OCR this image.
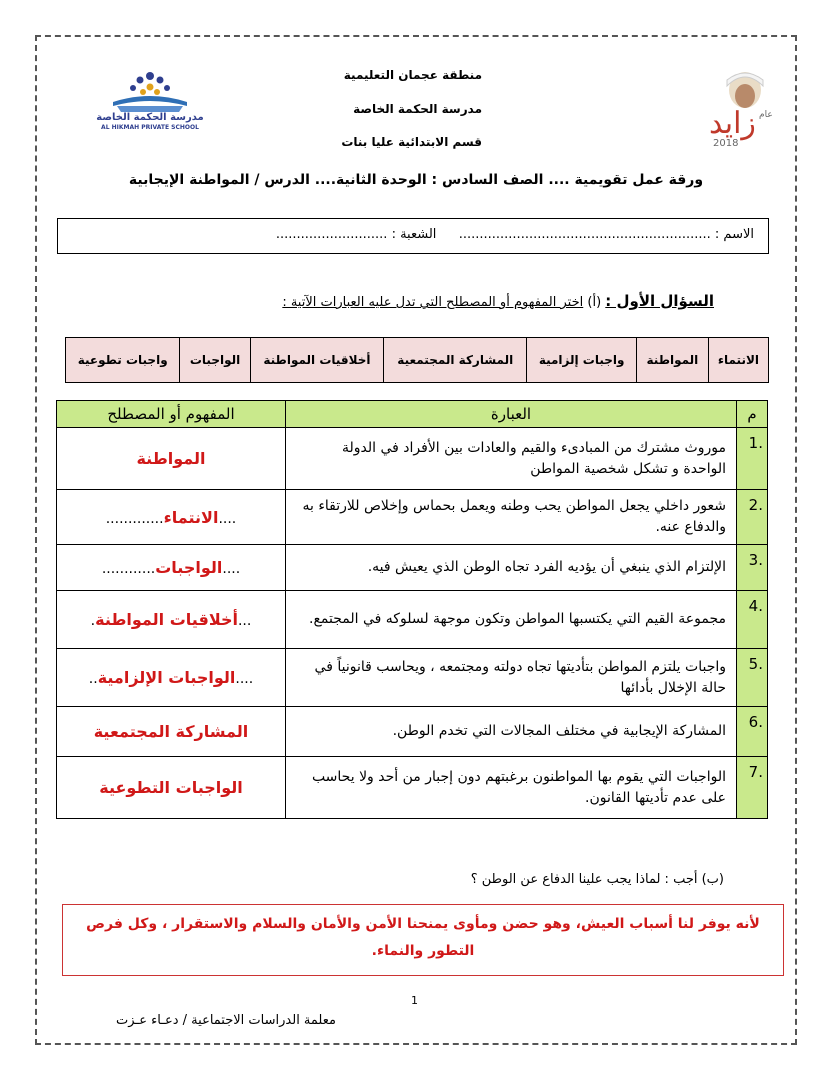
مدرسة الحكمة الخاصة
AL HIKMAH PRIVATE SCHOOL	زايد عام
2018
منطقة عجمان التعليمية
مدرسة الحكمة الخاصة
قسم الابتدائية عليا بنات
ورقة عمل تقويمية .... الصف السادس : الوحدة الثانية.... الدرس / المواطنة الإيجابية
الاسم : .............................................................  الشعبة : ...........................
السؤال الأول : (أ) اختر المفهوم أو المصطلح التي تدل عليه العبارات الآتية :
الانتماء	المواطنة	واجبات إلزامية	المشاركة المجتمعية	أخلاقيات المواطنة	الواجبات	واجبات تطوعية
م	العبارة	المفهوم أو المصطلح
.1	موروث مشترك من المبادىء والقيم والعادات بين الأفراد في الدولة الواحدة و تشكل شخصية المواطن	المواطنة
.2	شعور داخلي يجعل المواطن يحب وطنه ويعمل بحماس وإخلاص للارتقاء به والدفاع عنه.	....الانتماء.............
.3	الإلتزام الذي ينبغي أن يؤديه الفرد تجاه الوطن الذي يعيش فيه.	....الواجبات............
.4	مجموعة القيم التي يكتسبها المواطن وتكون موجهة لسلوكه في المجتمع.	...أخلاقيات المواطنة.
.5	واجبات يلتزم المواطن بتأديتها تجاه دولته ومجتمعه ، ويحاسب قانونياً في حالة الإخلال بأدائها	....الواجبات الإلزامية..
.6	المشاركة الإيجابية في مختلف المجالات التي تخدم الوطن.	المشاركة المجتمعية
.7	الواجبات التي يقوم بها المواطنون برغبتهم دون إجبار من أحد ولا يحاسب على عدم تأديتها القانون.	الواجبات التطوعية
(ب) أجب : لماذا يجب علينا الدفاع عن الوطن ؟
لأنه يوفر لنا أسباب العيش، وهو حضن ومأوى يمنحنا الأمن والأمان والسلام والاستقرار ، وكل فرص التطور والنماء.
1
معلمة الدراسات الاجتماعية / دعـاء عـزت
